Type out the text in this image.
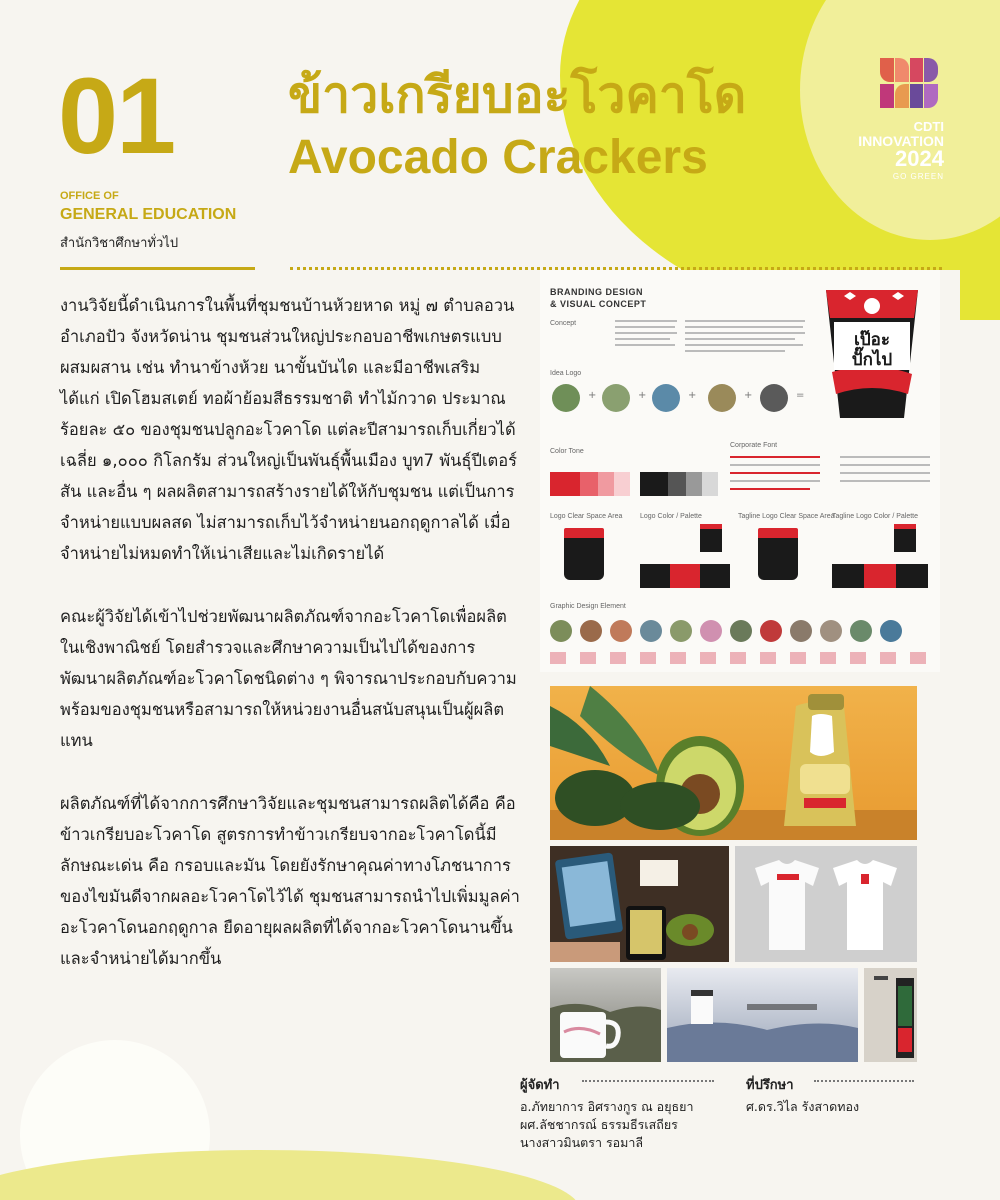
01 ข้าวเกรียบอะโวคาโด
Avocado Crackers
OFFICE OF
GENERAL EDUCATION
สำนักวิชาศึกษาทั่วไป
CDTI
INNOVATION
2024
GO GREEN

งานวิจัยนี้ดำเนินการในพื้นที่ชุมชนบ้านห้วยหาด หมู่ ๗ ตำบลอวน อำเภอปัว จังหวัดน่าน ชุมชนส่วนใหญ่ประกอบอาชีพเกษตรแบบผสมผสาน เช่น ทำนาข้างห้วย นาขั้นบันได และมีอาชีพเสริม ได้แก่ เปิดโฮมสเตย์ ทอผ้าย้อมสีธรรมชาติ ทำไม้กวาด ประมาณร้อยละ ๕๐ ของชุมชนปลูกอะโวคาโด แต่ละปีสามารถเก็บเกี่ยวได้เฉลี่ย ๑,๐๐๐ กิโลกรัม ส่วนใหญ่เป็นพันธุ์พื้นเมือง บูท7 พันธุ์ปีเตอร์สัน และอื่น ๆ ผลผลิตสามารถสร้างรายได้ให้กับชุมชน แต่เป็นการจำหน่ายแบบผลสด ไม่สามารถเก็บไว้จำหน่ายนอกฤดูกาลได้ เมื่อจำหน่ายไม่หมดทำให้เน่าเสียและไม่เกิดรายได้

คณะผู้วิจัยได้เข้าไปช่วยพัฒนาผลิตภัณฑ์จากอะโวคาโดเพื่อผลิตในเชิงพาณิชย์ โดยสำรวจและศึกษาความเป็นไปได้ของการพัฒนาผลิตภัณฑ์อะโวคาโดชนิดต่าง ๆ พิจารณาประกอบกับความพร้อมของชุมชนหรือสามารถให้หน่วยงานอื่นสนับสนุนเป็นผู้ผลิตแทน

ผลิตภัณฑ์ที่ได้จากการศึกษาวิจัยและชุมชนสามารถผลิตได้คือ คือ ข้าวเกรียบอะโวคาโด สูตรการทำข้าวเกรียบจากอะโวคาโดนี้มีลักษณะเด่น คือ กรอบและมัน โดยยังรักษาคุณค่าทางโภชนาการของไขมันดีจากผลอะโวคาโดไว้ได้ ชุมชนสามารถนำไปเพิ่มมูลค่าอะโวคาโดนอกฤดูกาล ยืดอายุผลผลิตที่ได้จากอะโวคาโดนานขึ้นและจำหน่ายได้มากขึ้น

BRANDING DESIGN
& VISUAL CONCEPT
Concept
เป๊อะ
ปั๊กไป
Idea Logo
+	+	+	+	=
Color Tone
Corporate Font
Logo Clear Space Area	Logo Color / Palette	Tagline Logo Clear Space Area
Tagline Logo Color / Palette
Graphic Design Element
ผู้จัดทำ
อ.ภัทยาการ อิศรางกูร ณ อยุธยา
ผศ.ลัชชากรณ์ ธรรมธีรเสถียร
นางสาวมินตรา รอมาลี
ที่ปรึกษา
ศ.ดร.วิไล รังสาดทอง
